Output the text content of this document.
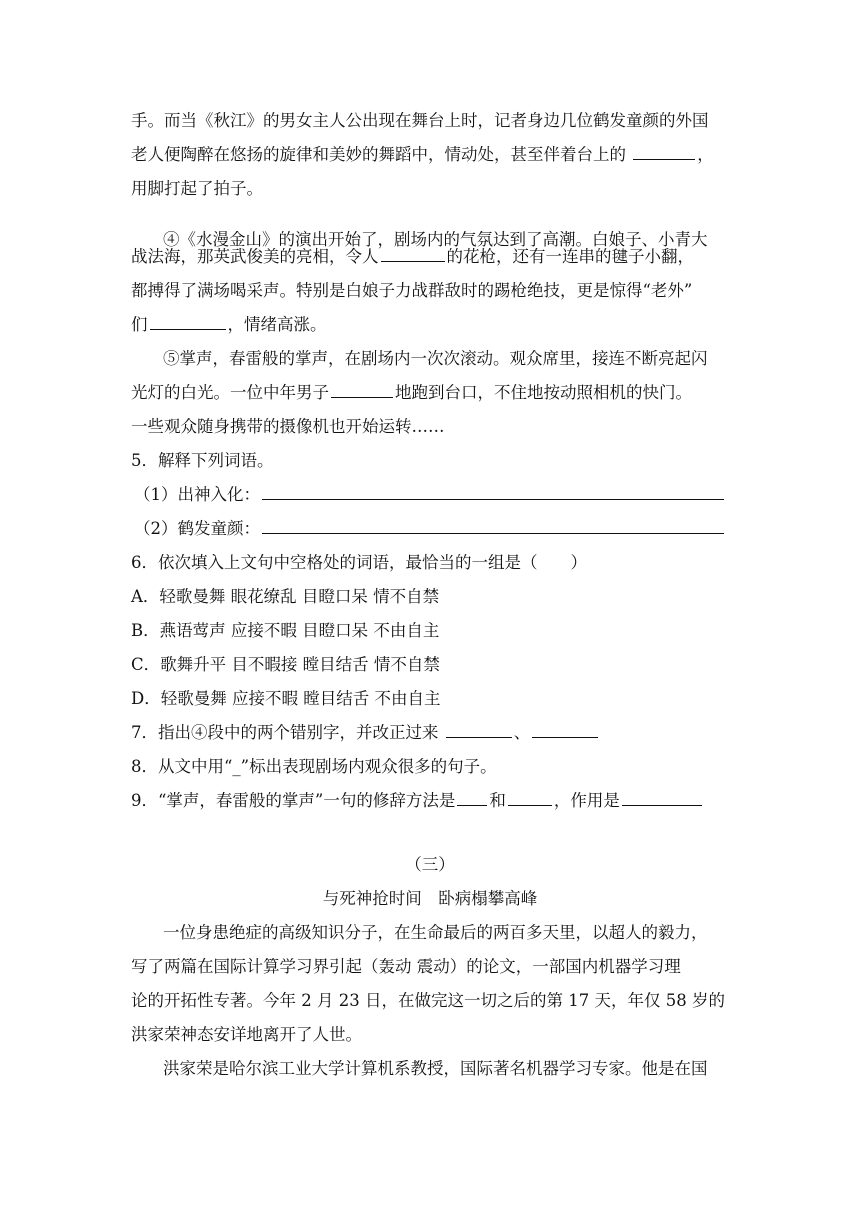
手。而当《秋江》的男女主人公出现在舞台上时，记者身边几位鹤发童颜的外国
老人便陶醉在悠扬的旋律和美妙的舞蹈中，情动处，甚至伴着台上的	，
用脚打起了拍子。
④《水漫金山》的演出开始了，剧场内的气氛达到了高潮。白娘子、小青大
战法海，那英武俊美的亮相，令人	的花枪，还有一连串的毽子小翻，
都搏得了满场喝采声。特别是白娘子力战群敌时的踢枪绝技，更是惊得“老外”
们	，情绪高涨。
⑤掌声，春雷般的掌声，在剧场内一次次滚动。观众席里，接连不断亮起闪
光灯的白光。一位中年男子	地跑到台口，不住地按动照相机的快门。
一些观众随身携带的摄像机也开始运转……
5．解释下列词语。
（1）出神入化：
（2）鹤发童颜：
6．依次填入上文句中空格处的词语，最恰当的一组是（　　）
A．轻歌曼舞 眼花缭乱 目瞪口呆 情不自禁
B．燕语莺声 应接不暇 目瞪口呆 不由自主
C．歌舞升平 目不暇接 瞠目结舌 情不自禁
D．轻歌曼舞 应接不暇 瞠目结舌 不由自主
7．指出④段中的两个错别字，并改正过来	、
8．从文中用“_”标出表现剧场内观众很多的句子。
9．“掌声，春雷般的掌声”一句的修辞方法是 和	，作用是
（三）
与死神抢时间　卧病榻攀高峰
一位身患绝症的高级知识分子，在生命最后的两百多天里，以超人的毅力，
写了两篇在国际计算学习界引起（轰动 震动）的论文，一部国内机器学习理
论的开拓性专著。今年 2 月 23 日，在做完这一切之后的第 17 天，年仅 58 岁的
洪家荣神态安详地离开了人世。
洪家荣是哈尔滨工业大学计算机系教授，国际著名机器学习专家。他是在国
